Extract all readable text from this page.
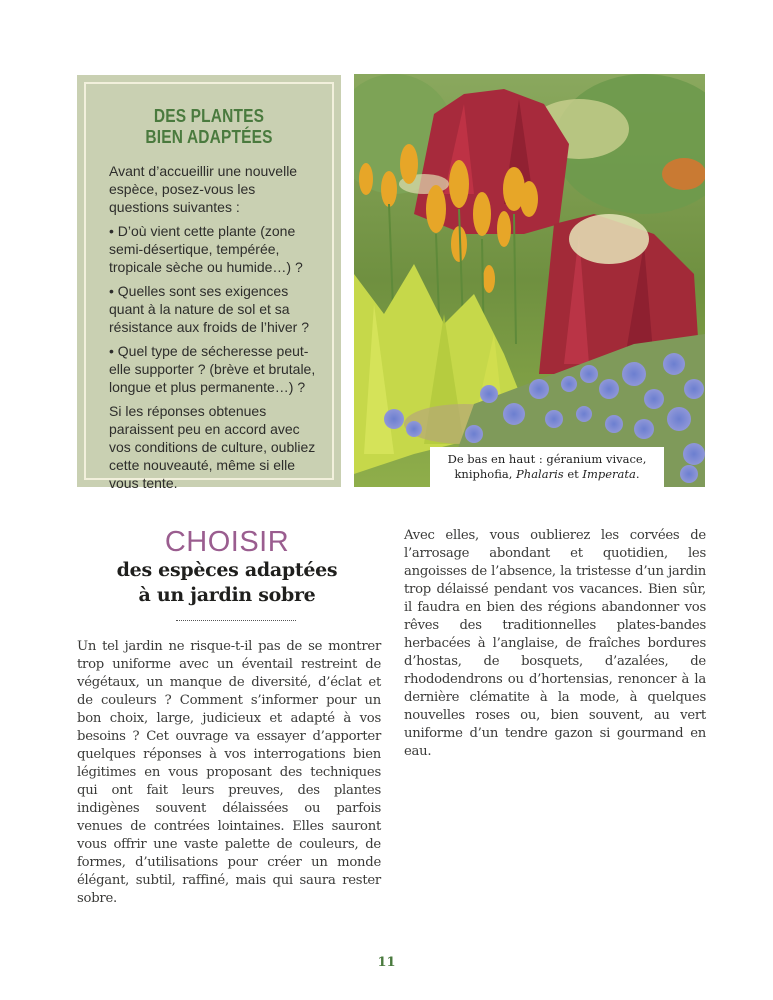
DES PLANTES
BIEN ADAPTÉES

Avant d’accueillir une nouvelle espèce, posez-vous les questions suivantes :

• D’où vient cette plante (zone semi-désertique, tempérée, tropicale sèche ou humide…) ?

• Quelles sont ses exigences quant à la nature de sol et sa résistance aux froids de l’hiver ?

• Quel type de sécheresse peut-elle supporter ? (brève et brutale, longue et plus permanente…) ?

Si les réponses obtenues paraissent peu en accord avec vos conditions de culture, oubliez cette nouveauté, même si elle vous tente.

De bas en haut : géranium vivace,
kniphofia, Phalaris et Imperata.
CHOISIR
des espèces adaptées
à un jardin sobre

Un tel jardin ne risque-t-il pas de se montrer trop uniforme avec un éventail restreint de végétaux, un manque de diversité, d’éclat et de couleurs ? Comment s’informer pour un bon choix, large, judicieux et adapté à vos besoins ? Cet ouvrage va essayer d’apporter quelques réponses à vos interrogations bien légitimes en vous proposant des techniques qui ont fait leurs preuves, des plantes indigènes souvent délaissées ou parfois venues de contrées lointaines. Elles sauront vous offrir une vaste palette de couleurs, de formes, d’utilisations pour créer un monde élégant, subtil, raffiné, mais qui saura rester sobre.

Avec elles, vous oublierez les corvées de l’arrosage abondant et quotidien, les angoisses de l’absence, la tristesse d’un jardin trop délaissé pendant vos vacances. Bien sûr, il faudra en bien des régions abandonner vos rêves des traditionnelles plates-bandes herbacées à l’anglaise, de fraîches bordures d’hostas, de bosquets, d’azalées, de rhododendrons ou d’hortensias, renoncer à la dernière clématite à la mode, à quelques nouvelles roses ou, bien souvent, au vert uniforme d’un tendre gazon si gourmand en eau.

11
